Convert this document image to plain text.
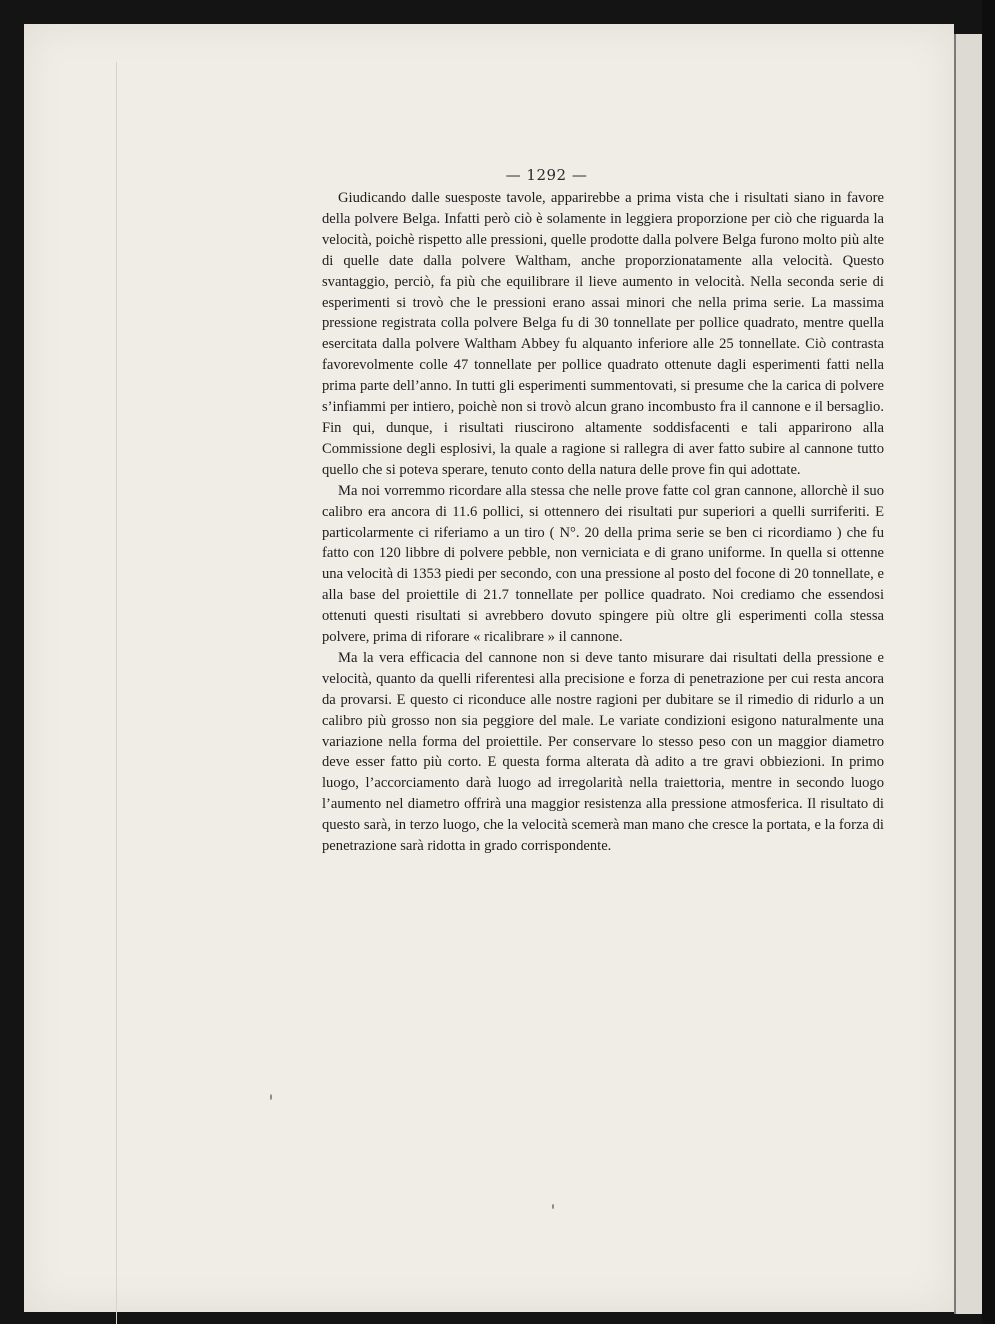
— 1292 —

Giudicando dalle suesposte tavole, apparirebbe a prima vista che i risultati siano in favore della polvere Belga. Infatti però ciò è solamente in leggiera proporzione per ciò che riguarda la velocità, poichè rispetto alle pressioni, quelle prodotte dalla polvere Belga furono molto più alte di quelle date dalla polvere Waltham, anche proporzionatamente alla velocità. Questo svantaggio, perciò, fa più che equilibrare il lieve aumento in velocità. Nella seconda serie di esperimenti si trovò che le pressioni erano assai minori che nella prima serie. La massima pressione registrata colla polvere Belga fu di 30 tonnellate per pollice quadrato, mentre quella esercitata dalla polvere Waltham Abbey fu alquanto inferiore alle 25 tonnellate. Ciò contrasta favorevolmente colle 47 tonnellate per pollice quadrato ottenute dagli esperimenti fatti nella prima parte dell’anno. In tutti gli esperimenti summentovati, si presume che la carica di polvere s’infiammi per intiero, poichè non si trovò alcun grano incombusto fra il cannone e il bersaglio. Fin qui, dunque, i risultati riuscirono altamente soddisfacenti e tali apparirono alla Commissione degli esplosivi, la quale a ragione si rallegra di aver fatto subire al cannone tutto quello che si poteva sperare, tenuto conto della natura delle prove fin qui adottate.

Ma noi vorremmo ricordare alla stessa che nelle prove fatte col gran cannone, allorchè il suo calibro era ancora di 11.6 pollici, si ottennero dei risultati pur superiori a quelli surriferiti. E particolarmente ci riferiamo a un tiro ( N°. 20 della prima serie se ben ci ricordiamo ) che fu fatto con 120 libbre di polvere pebble, non verniciata e di grano uniforme. In quella si ottenne una velocità di 1353 piedi per secondo, con una pressione al posto del focone di 20 tonnellate, e alla base del proiettile di 21.7 tonnellate per pollice quadrato. Noi crediamo che essendosi ottenuti questi risultati si avrebbero dovuto spingere più oltre gli esperimenti colla stessa polvere, prima di riforare « ricalibrare » il cannone.

Ma la vera efficacia del cannone non si deve tanto misurare dai risultati della pressione e velocità, quanto da quelli riferentesi alla precisione e forza di penetrazione per cui resta ancora da provarsi. E questo ci riconduce alle nostre ragioni per dubitare se il rimedio di ridurlo a un calibro più grosso non sia peggiore del male. Le variate condizioni esigono naturalmente una variazione nella forma del proiettile. Per conservare lo stesso peso con un maggior diametro deve esser fatto più corto. E questa forma alterata dà adito a tre gravi obbiezioni. In primo luogo, l’accorciamento darà luogo ad irregolarità nella traiettoria, mentre in secondo luogo l’aumento nel diametro offrirà una maggior resistenza alla pressione atmosferica. Il risultato di questo sarà, in terzo luogo, che la velocità scemerà man mano che cresce la portata, e la forza di penetrazione sarà ridotta in grado corrispondente.
